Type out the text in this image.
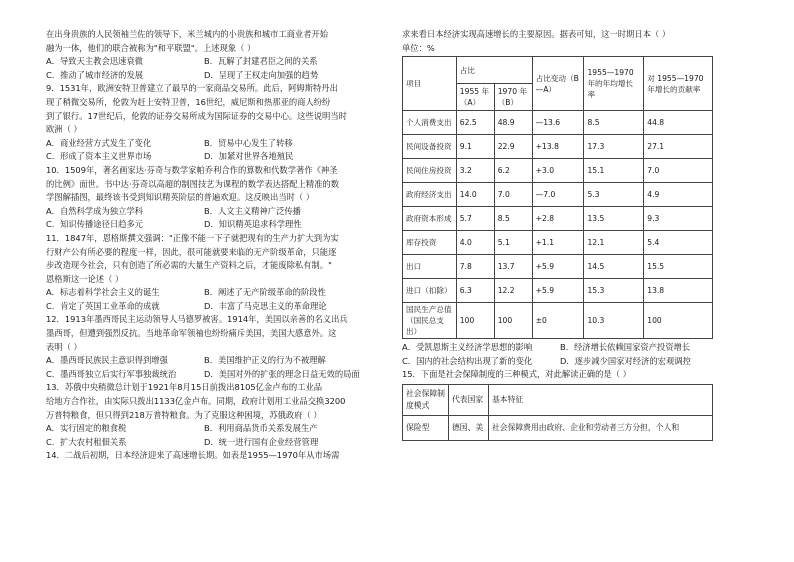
在出身贵族的人民领袖兰佐的领导下，米兰城内的小贵族和城市工商业者开始
融为一体，他们的联合被称为"和平联盟"。上述现象（ ）
A．导致天主教会迅速衰微	B．瓦解了封建君臣之间的关系
C．推动了城市经济的发展	D．呈现了王权走向加强的趋势
9．1531年，欧洲安特卫普建立了最早的一家商品交易所。此后，阿姆斯特丹出
现了稍微交易所，伦敦为赶上安特卫普，16世纪，威尼斯和热那亚的商人纷纷
到了银行。17世纪后，伦敦的证券交易所成为国际证券的交易中心。这些说明当时
欧洲（ ）
A．商业经营方式发生了变化	B．贸易中心发生了转移
C．形成了资本主义世界市场	D．加紧对世界各地殖民
10．1509年，著名画家达·芬奇与数学家帕乔利合作的算数和代数学著作《神圣
的比例》面世。书中达·芬奇以高超的制图技艺为课程的数学表达搭配上精准的数
学图解插图，最终该书受到知识精英阶层的普遍欢迎。这反映出当时（ ）
A．自然科学成为独立学科	B．人文主义精神广泛传播
C．知识传播途径日趋多元	D．知识精英追求科学理性
11．1847年，恩格斯撰文强调："正像不能一下子就把现有的生产力扩大到为实
行财产公有所必要的程度一样，因此，很可能就要来临的无产阶级革命，只能逐
步改造现今社会，只有创造了所必需的大量生产资料之后，才能废除私有制。"
恩格斯这一论述（ ）
A．标志着科学社会主义的诞生	B．阐述了无产阶级革命的阶段性
C．肯定了英国工业革命的成就	D．丰富了马克思主义的革命理论
12．1913年墨西哥民主运动领导人马德罗被害。1914年，美国以亲善的名义出兵
墨西哥，但遭到强烈反抗。当地革命军领袖也纷纷痛斥美国，美国大感意外。这
表明（ ）
A．墨西哥民族民主意识得到增强	B．美国维护正义的行为不被理解
C．墨西哥独立后实行军事独裁统治	D．美国对外的扩张的理念日益无效的局面
13．苏俄中央稍微总计划于1921年8月15日前拨出8105亿金卢布的工业品
给地方合作社，由实际只拨出1133亿金卢布。同期，政府计划用工业品交换3200
万普特粮食，但只得到218万普特粮食。为了克服这种困境，苏俄政府（ ）
A．实行固定的粮食税	B．利用商品货币关系发展生产
C．扩大农村租佃关系	D．统一进行国有企业经营管理
14．二战后初期，日本经济迎来了高速增长期。如表是1955—1970年从市场需
求来看日本经济实现高速增长的主要原因。据表可知，这一时期日本（ ）
单位：%
项目	占比		占比变动（B—A）	1955—1970 年的年均增长率	对 1955—1970 年增长的贡献率
	1955 年（A）	1970 年（B）			
个人消费支出	62.5	48.9	—13.6	8.5	44.8
民间设备投资	9.1	22.9	+13.8	17.3	27.1
民间住房投资	3.2	6.2	+3.0	15.1	7.0
政府经济支出	14.0	7.0	—7.0	5.3	4.9
政府资本形成	5.7	8.5	+2.8	13.5	9.3
库存投资	4.0	5.1	+1.1	12.1	5.4
出口	7.8	13.7	+5.9	14.5	15.5
进口（扣除）	6.3	12.2	+5.9	15.3	13.8
国民生产总值（国民总支出）	100	100	±0	10.3	100
A．受凯恩斯主义经济学思想的影响	B．经济增长依赖国家资产投资增长
C．国内的社会结构出现了新的变化	D．逐步减少国家对经济的宏观调控
15．下面是社会保障制度的三种模式，对此解读正确的是（ ）
社会保障制度模式	代表国家	基本特征
保险型	德国、美	社会保障费用由政府、企业和劳动者三方分担，个人和
